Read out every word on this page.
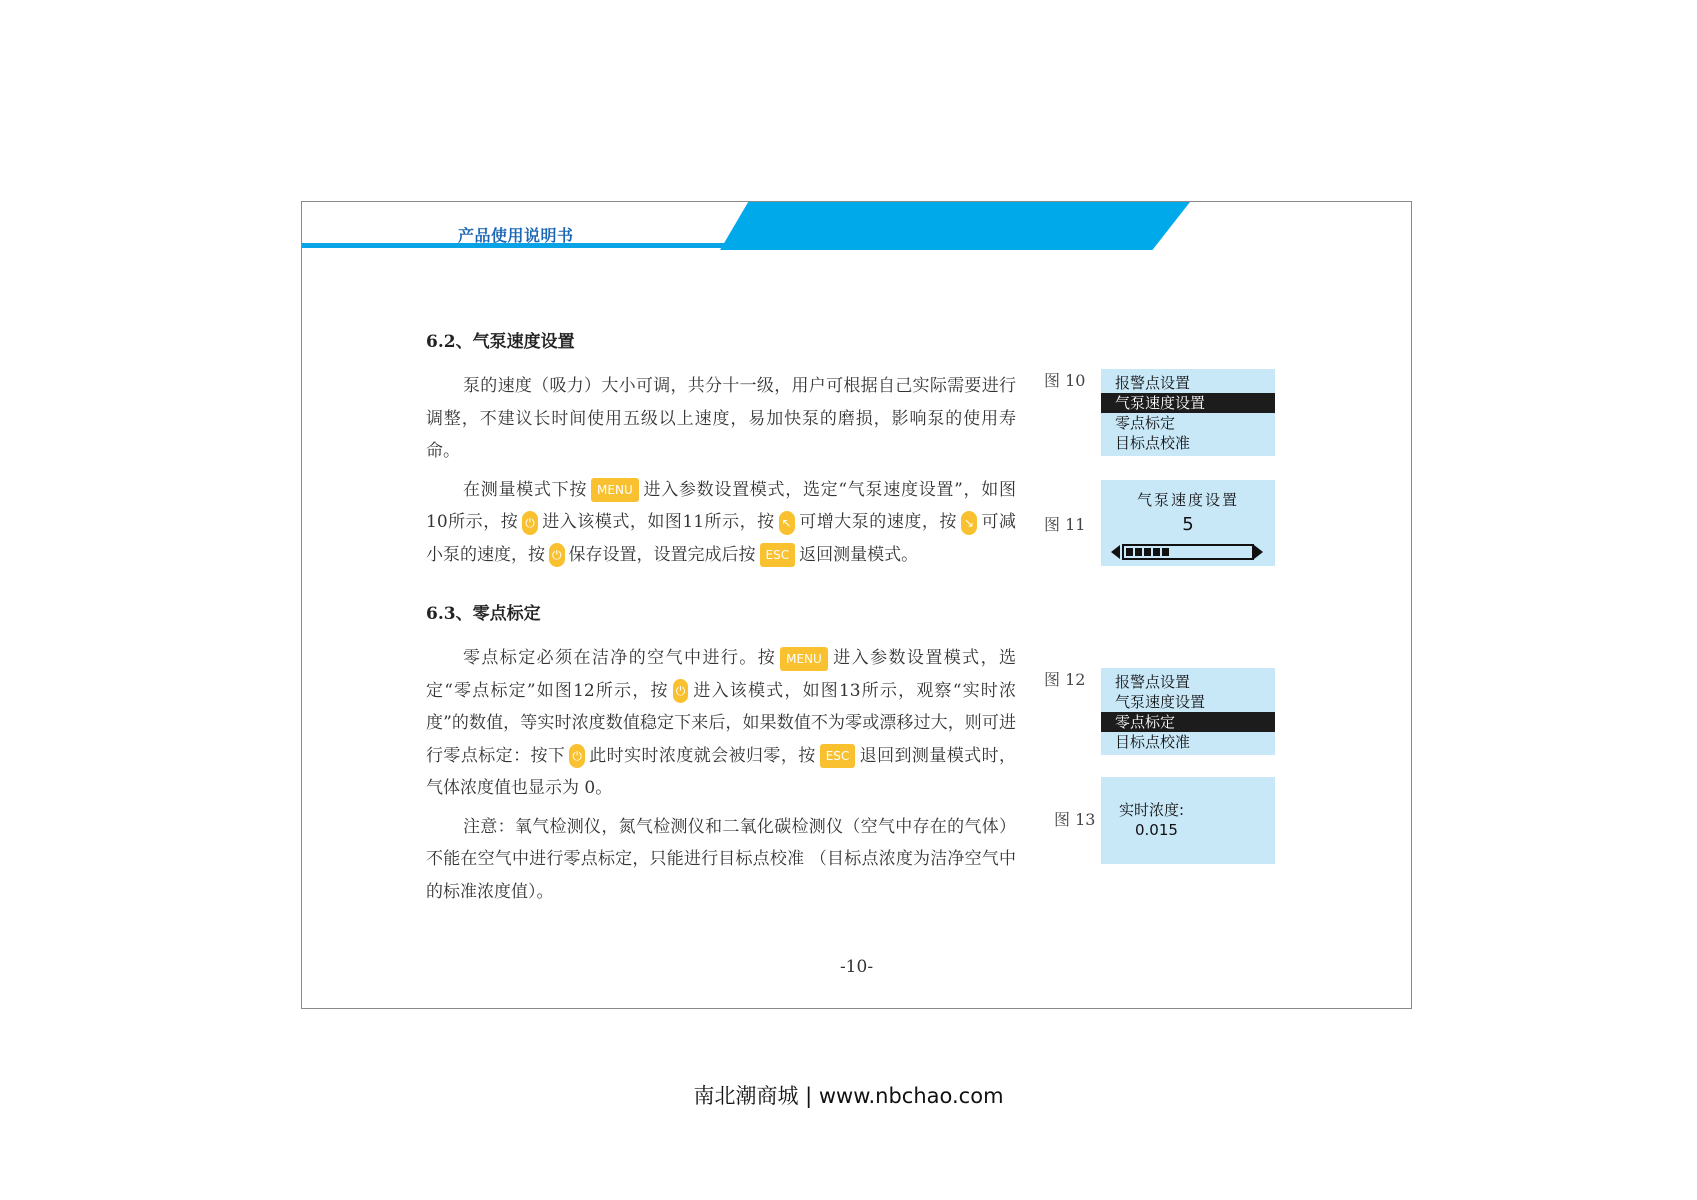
产品使用说明书
6.2、气泵速度设置

泵的速度（吸力）大小可调，共分十一级，用户可根据自己实际需要进行调整，不建议长时间使用五级以上速度，易加快泵的磨损，影响泵的使用寿命。

在测量模式下按 MENU 进入参数设置模式，选定“气泵速度设置”，如图10所示，按 ⏻ 进入该模式，如图11所示，按 ↖ 可增大泵的速度，按 ↘ 可减小泵的速度，按 ⏻ 保存设置，设置完成后按 ESC 返回测量模式。

6.3、零点标定

零点标定必须在洁净的空气中进行。按 MENU 进入参数设置模式，选定“零点标定”如图12所示，按 ⏻ 进入该模式，如图13所示，观察“实时浓度”的数值，等实时浓度数值稳定下来后，如果数值不为零或漂移过大，则可进行零点标定：按下 ⏻ 此时实时浓度就会被归零，按 ESC 退回到测量模式时，气体浓度值也显示为 0。

注意：氧气检测仪，氮气检测仪和二氧化碳检测仪（空气中存在的气体）不能在空气中进行零点标定，只能进行目标点校准 （目标点浓度为洁净空气中的标准浓度值）。

图 10	报警点设置
气泵速度设置
零点标定
目标点校准
图 11
气泵速度设置
5
图 12	报警点设置
气泵速度设置
零点标定
目标点校准
图 13 实时浓度:
0.015
-10-
南北潮商城 | www.nbchao.com
